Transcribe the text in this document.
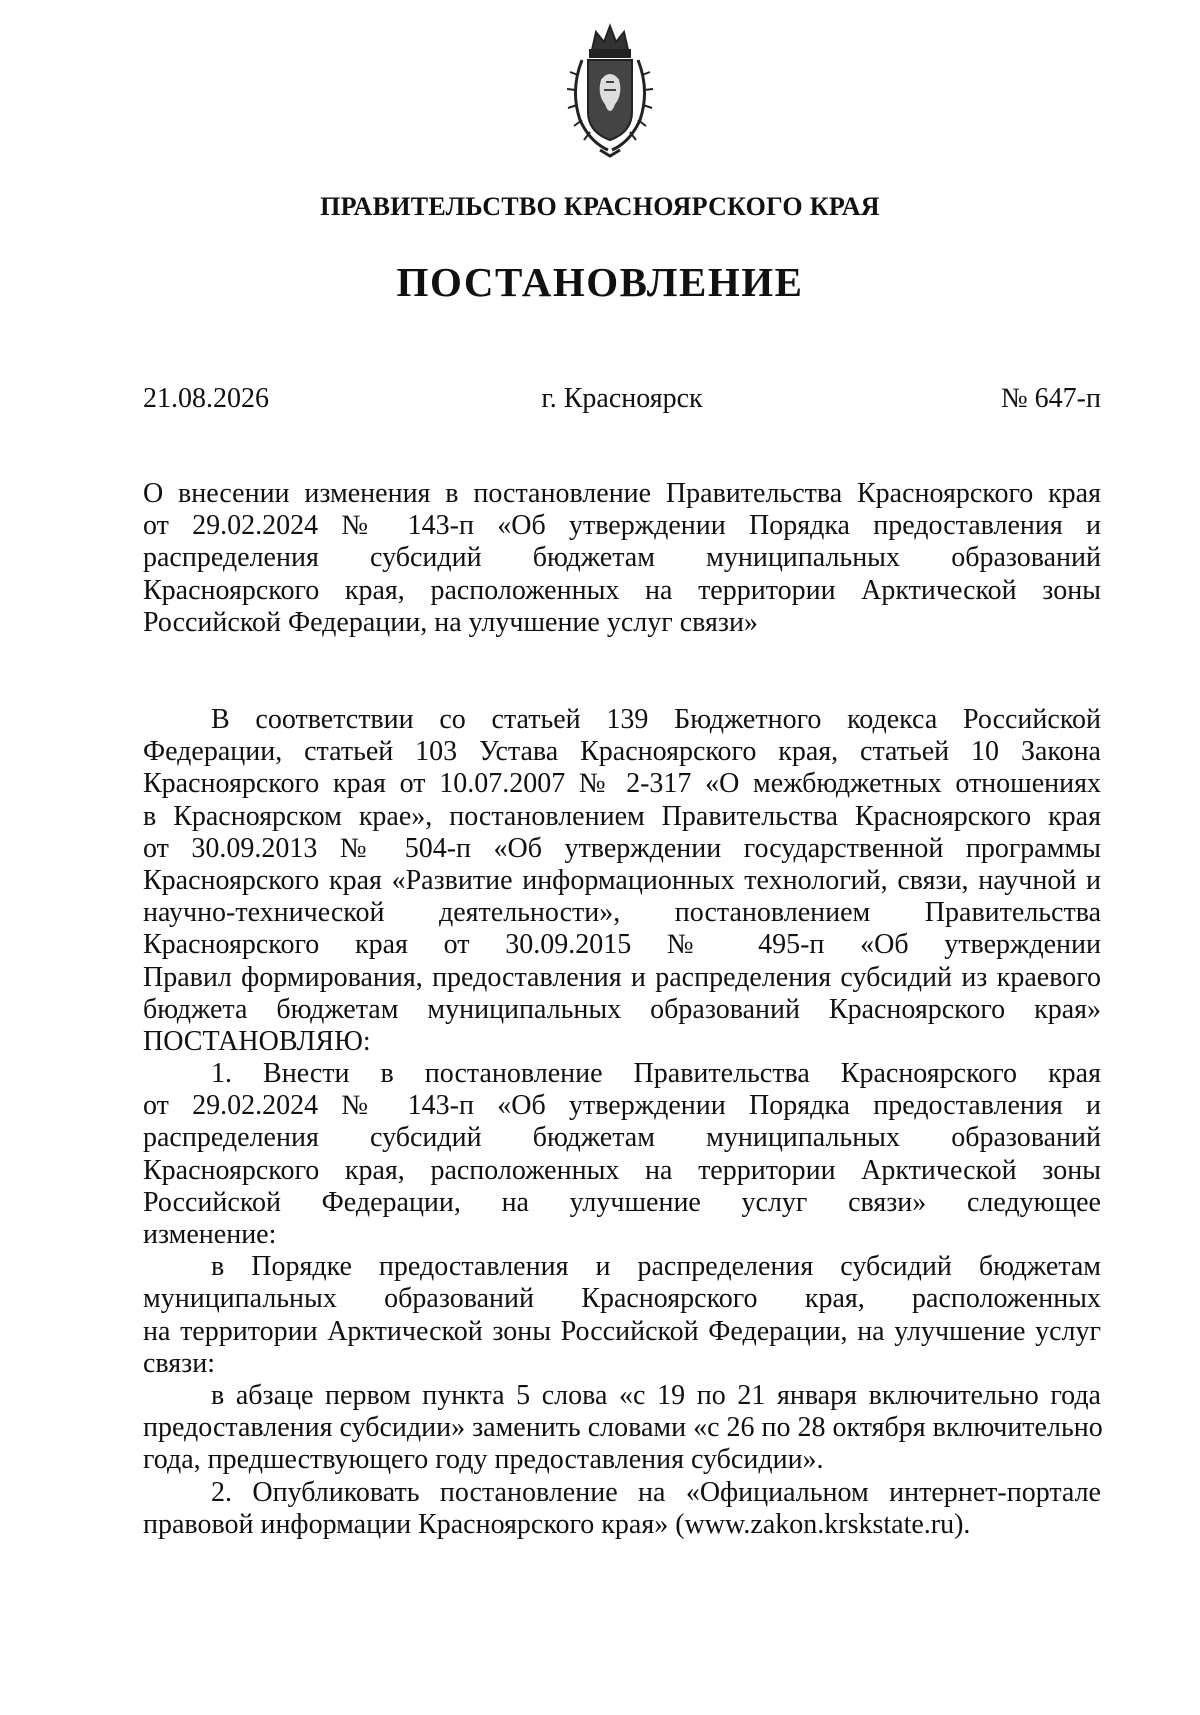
ПРАВИТЕЛЬСТВО КРАСНОЯРСКОГО КРАЯ
ПОСТАНОВЛЕНИЕ
21.08.2026	г. Красноярск	№ 647-п
О внесении изменения в постановление Правительства Красноярского края
от 29.02.2024 № 143-п «Об утверждении Порядка предоставления и
распределения субсидий бюджетам муниципальных образований
Красноярского края, расположенных на территории Арктической зоны
Российской Федерации, на улучшение услуг связи»
В соответствии со статьей 139 Бюджетного кодекса Российской
Федерации, статьей 103 Устава Красноярского края, статьей 10 Закона
Красноярского края от 10.07.2007 № 2-317 «О межбюджетных отношениях
в Красноярском крае», постановлением Правительства Красноярского края
от 30.09.2013 № 504-п «Об утверждении государственной программы
Красноярского края «Развитие информационных технологий, связи, научной и
научно-технической деятельности», постановлением Правительства
Красноярского края от 30.09.2015 № 495-п «Об утверждении
Правил формирования, предоставления и распределения субсидий из краевого
бюджета бюджетам муниципальных образований Красноярского края»
ПОСТАНОВЛЯЮ:
1. Внести в постановление Правительства Красноярского края
от 29.02.2024 № 143-п «Об утверждении Порядка предоставления и
распределения субсидий бюджетам муниципальных образований
Красноярского края, расположенных на территории Арктической зоны
Российской Федерации, на улучшение услуг связи» следующее
изменение:
в Порядке предоставления и распределения субсидий бюджетам
муниципальных образований Красноярского края, расположенных
на территории Арктической зоны Российской Федерации, на улучшение услуг
связи:
в абзаце первом пункта 5 слова «с 19 по 21 января включительно года
предоставления субсидии» заменить словами «с 26 по 28 октября включительно
года, предшествующего году предоставления субсидии».
2. Опубликовать постановление на «Официальном интернет-портале
правовой информации Красноярского края» (www.zakon.krskstate.ru).
